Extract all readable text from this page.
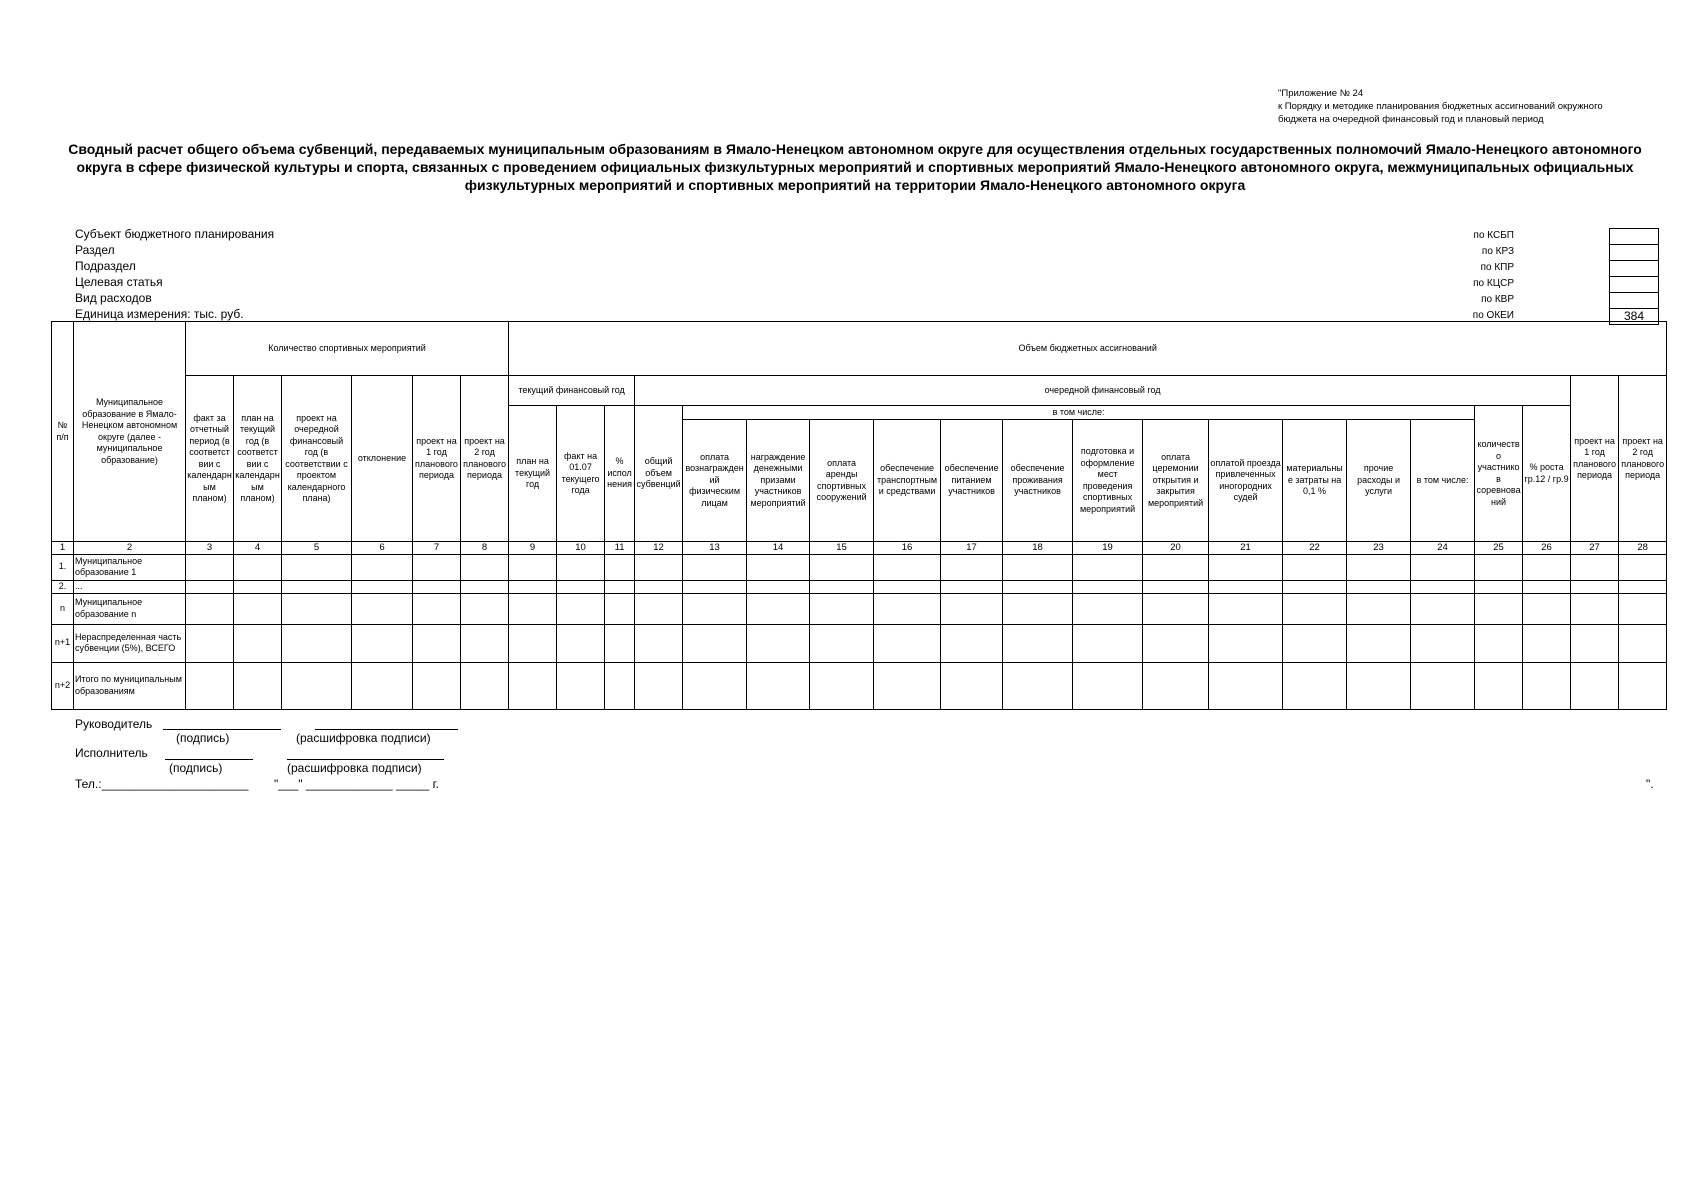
"Приложение № 24
к Порядку и методике планирования бюджетных ассигнований окружного
бюджета на очередной финансовый год и плановый период
Сводный расчет общего объема субвенций, передаваемых муниципальным образованиям в Ямало-Ненецком автономном округе для осуществления отдельных государственных полномочий Ямало-Ненецкого автономного округа в сфере физической культуры и спорта, связанных с проведением официальных физкультурных мероприятий и спортивных мероприятий Ямало-Ненецкого автономного округа, межмуниципальных официальных физкультурных мероприятий и спортивных мероприятий на территории Ямало-Ненецкого автономного округа
Субъект бюджетного планирования
Раздел
Подраздел
Целевая статья
Вид расходов
Единица измерения: тыс. руб.
по КСБП
по КРЗ
по КПР
по КЦСР
по КВР
по ОКЕИ	384
№ п/п	Муниципальное образование в Ямало-Ненецком автономном округе (далее - муниципальное образование)	Количество спортивных мероприятий						Объем бюджетных ассигнований																			
		факт за отчетный период (в соответствии с календарным планом)	план на текущий год (в соответствии с календарным планом)	проект на очередной финансовый год (в соответствии с проектом календарного плана)	отклонение	проект на 1 год планового периода	проект на 2 год планового периода	текущий финансовый год			очередной финансовый год															проект на 1 год планового периода	проект на 2 год планового периода
								план на текущий год	факт на 01.07 текущего года	% исполнения	общий объем субвенций	в том числе:												количество участников соревнований	% роста гр.12 / гр.9		
												оплата вознаграждений физическим лицам	награждение денежными призами участников мероприятий	оплата аренды спортивных сооружений	обеспечение транспортными средствами	обеспечение питанием участников	обеспечение проживания участников	подготовка и оформление мест проведения спортивных мероприятий	оплата церемонии открытия и закрытия мероприятий	оплатой проезда привлеченных иногородних судей	материальные затраты на 0,1 %	прочие расходы и услуги	в том числе:				
1	2	3	4	5	6	7	8	9	10	11	12	13	14	15	16	17	18	19	20	21	22	23	24	25	26	27	28
1.	Муниципальное образование 1																										
2.	...																										
n	Муниципальное образование n																										
n+1	Нераспределенная часть субвенции (5%), ВСЕГО																										
n+2	Итого по муниципальным образованиям																										
Руководитель
(подпись)	(расшифровка подписи)
Исполнитель
(подпись)	(расшифровка подписи)
Тел.:______________________ "___" _____________ _____ г.	".
